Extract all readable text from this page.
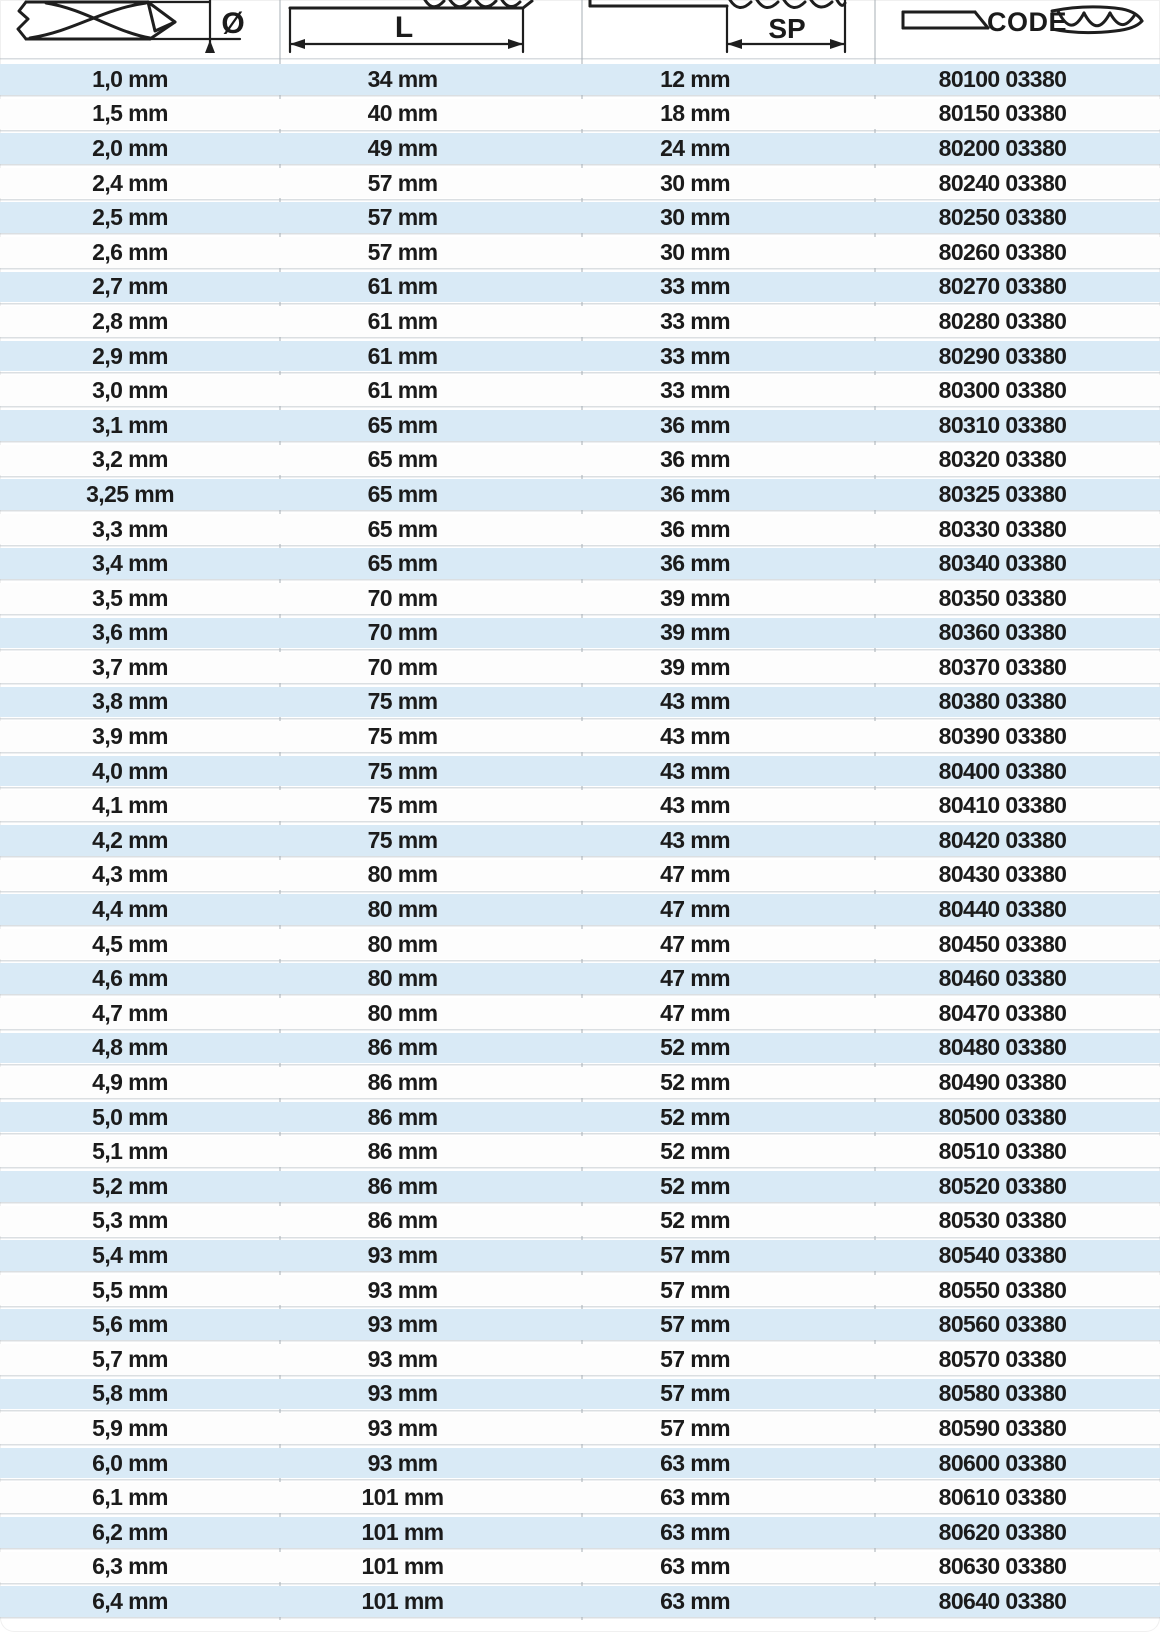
Ø	L	SP	CODE
1,0 mm	34 mm	12 mm	80100 03380
1,5 mm	40 mm	18 mm	80150 03380
2,0 mm	49 mm	24 mm	80200 03380
2,4 mm	57 mm	30 mm	80240 03380
2,5 mm	57 mm	30 mm	80250 03380
2,6 mm	57 mm	30 mm	80260 03380
2,7 mm	61 mm	33 mm	80270 03380
2,8 mm	61 mm	33 mm	80280 03380
2,9 mm	61 mm	33 mm	80290 03380
3,0 mm	61 mm	33 mm	80300 03380
3,1 mm	65 mm	36 mm	80310 03380
3,2 mm	65 mm	36 mm	80320 03380
3,25 mm	65 mm	36 mm	80325 03380
3,3 mm	65 mm	36 mm	80330 03380
3,4 mm	65 mm	36 mm	80340 03380
3,5 mm	70 mm	39 mm	80350 03380
3,6 mm	70 mm	39 mm	80360 03380
3,7 mm	70 mm	39 mm	80370 03380
3,8 mm	75 mm	43 mm	80380 03380
3,9 mm	75 mm	43 mm	80390 03380
4,0 mm	75 mm	43 mm	80400 03380
4,1 mm	75 mm	43 mm	80410 03380
4,2 mm	75 mm	43 mm	80420 03380
4,3 mm	80 mm	47 mm	80430 03380
4,4 mm	80 mm	47 mm	80440 03380
4,5 mm	80 mm	47 mm	80450 03380
4,6 mm	80 mm	47 mm	80460 03380
4,7 mm	80 mm	47 mm	80470 03380
4,8 mm	86 mm	52 mm	80480 03380
4,9 mm	86 mm	52 mm	80490 03380
5,0 mm	86 mm	52 mm	80500 03380
5,1 mm	86 mm	52 mm	80510 03380
5,2 mm	86 mm	52 mm	80520 03380
5,3 mm	86 mm	52 mm	80530 03380
5,4 mm	93 mm	57 mm	80540 03380
5,5 mm	93 mm	57 mm	80550 03380
5,6 mm	93 mm	57 mm	80560 03380
5,7 mm	93 mm	57 mm	80570 03380
5,8 mm	93 mm	57 mm	80580 03380
5,9 mm	93 mm	57 mm	80590 03380
6,0 mm	93 mm	63 mm	80600 03380
6,1 mm	101 mm	63 mm	80610 03380
6,2 mm	101 mm	63 mm	80620 03380
6,3 mm	101 mm	63 mm	80630 03380
6,4 mm	101 mm	63 mm	80640 03380
